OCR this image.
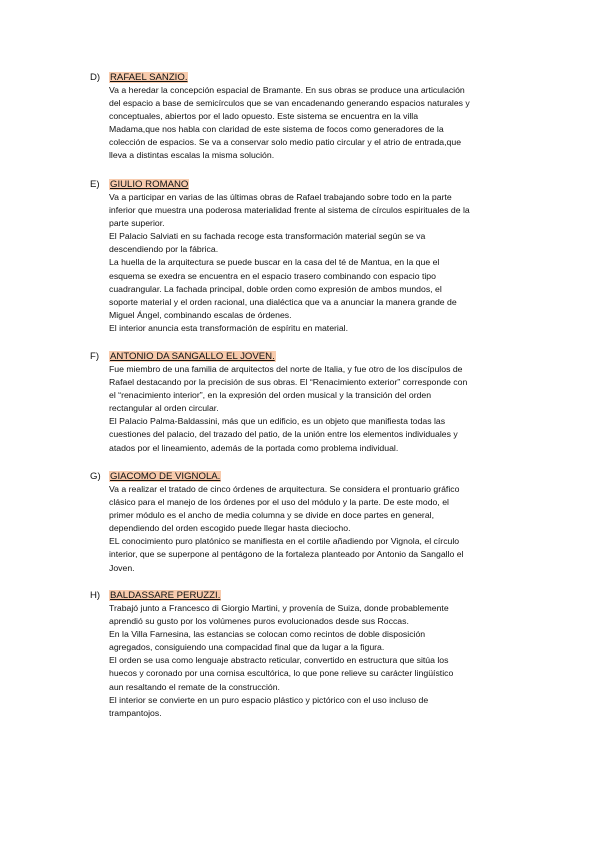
D) RAFAEL SANZIO.
Va a heredar la concepción espacial de Bramante. En sus obras se produce una articulación
del espacio a base de semicírculos que se van encadenando generando espacios naturales y
conceptuales, abiertos por el lado opuesto. Este sistema se encuentra en la villa
Madama,que nos habla con claridad de este sistema de focos como generadores de la
colección de espacios. Se va a conservar solo medio patio circular y el atrio de entrada,que
lleva a distintas escalas la misma solución.
E) GIULIO ROMANO
Va a participar en varias de las últimas obras de Rafael trabajando sobre todo en la parte
inferior que muestra una poderosa materialidad frente al sistema de círculos espirituales de la
parte superior.
El Palacio Salviati en su fachada recoge esta transformación material según se va
descendiendo por la fábrica.
La huella de la arquitectura se puede buscar en la casa del té de Mantua, en la que el
esquema se exedra se encuentra en el espacio trasero combinando con espacio tipo
cuadrangular. La fachada principal, doble orden como expresión de ambos mundos, el
soporte material y el orden racional, una dialéctica que va a anunciar la manera grande de
Miguel Ángel, combinando escalas de órdenes.
El interior anuncia esta transformación de espíritu en material.
F) ANTONIO DA SANGALLO EL JOVEN.
Fue miembro de una familia de arquitectos del norte de Italia, y fue otro de los discípulos de
Rafael destacando por la precisión de sus obras. El “Renacimiento exterior” corresponde con
el “renacimiento interior”, en la expresión del orden musical y la transición del orden
rectangular al orden circular.
El Palacio Palma-Baldassini, más que un edificio, es un objeto que manifiesta todas las
cuestiones del palacio, del trazado del patio, de la unión entre los elementos individuales y
atados por el lineamiento, además de la portada como problema individual.
G) GIACOMO DE VIGNOLA.
Va a realizar el tratado de cinco órdenes de arquitectura. Se considera el prontuario gráfico
clásico para el manejo de los órdenes por el uso del módulo y la parte. De este modo, el
primer módulo es el ancho de media columna y se divide en doce partes en general,
dependiendo del orden escogido puede llegar hasta dieciocho.
EL conocimiento puro platónico se manifiesta en el cortile añadiendo por Vignola, el círculo
interior, que se superpone al pentágono de la fortaleza planteado por Antonio da Sangallo el
Joven.
H) BALDASSARE PERUZZI.
Trabajó junto a Francesco di Giorgio Martini, y provenía de Suiza, donde probablemente
aprendió su gusto por los volúmenes puros evolucionados desde sus Roccas.
En la Villa Farnesina, las estancias se colocan como recintos de doble disposición
agregados, consiguiendo una compacidad final que da lugar a la figura.
El orden se usa como lenguaje abstracto reticular, convertido en estructura que sitúa los
huecos y coronado por una cornisa escultórica, lo que pone relieve su carácter lingüístico
aun resaltando el remate de la construcción.
El interior se convierte en un puro espacio plástico y pictórico con el uso incluso de
trampantojos.
